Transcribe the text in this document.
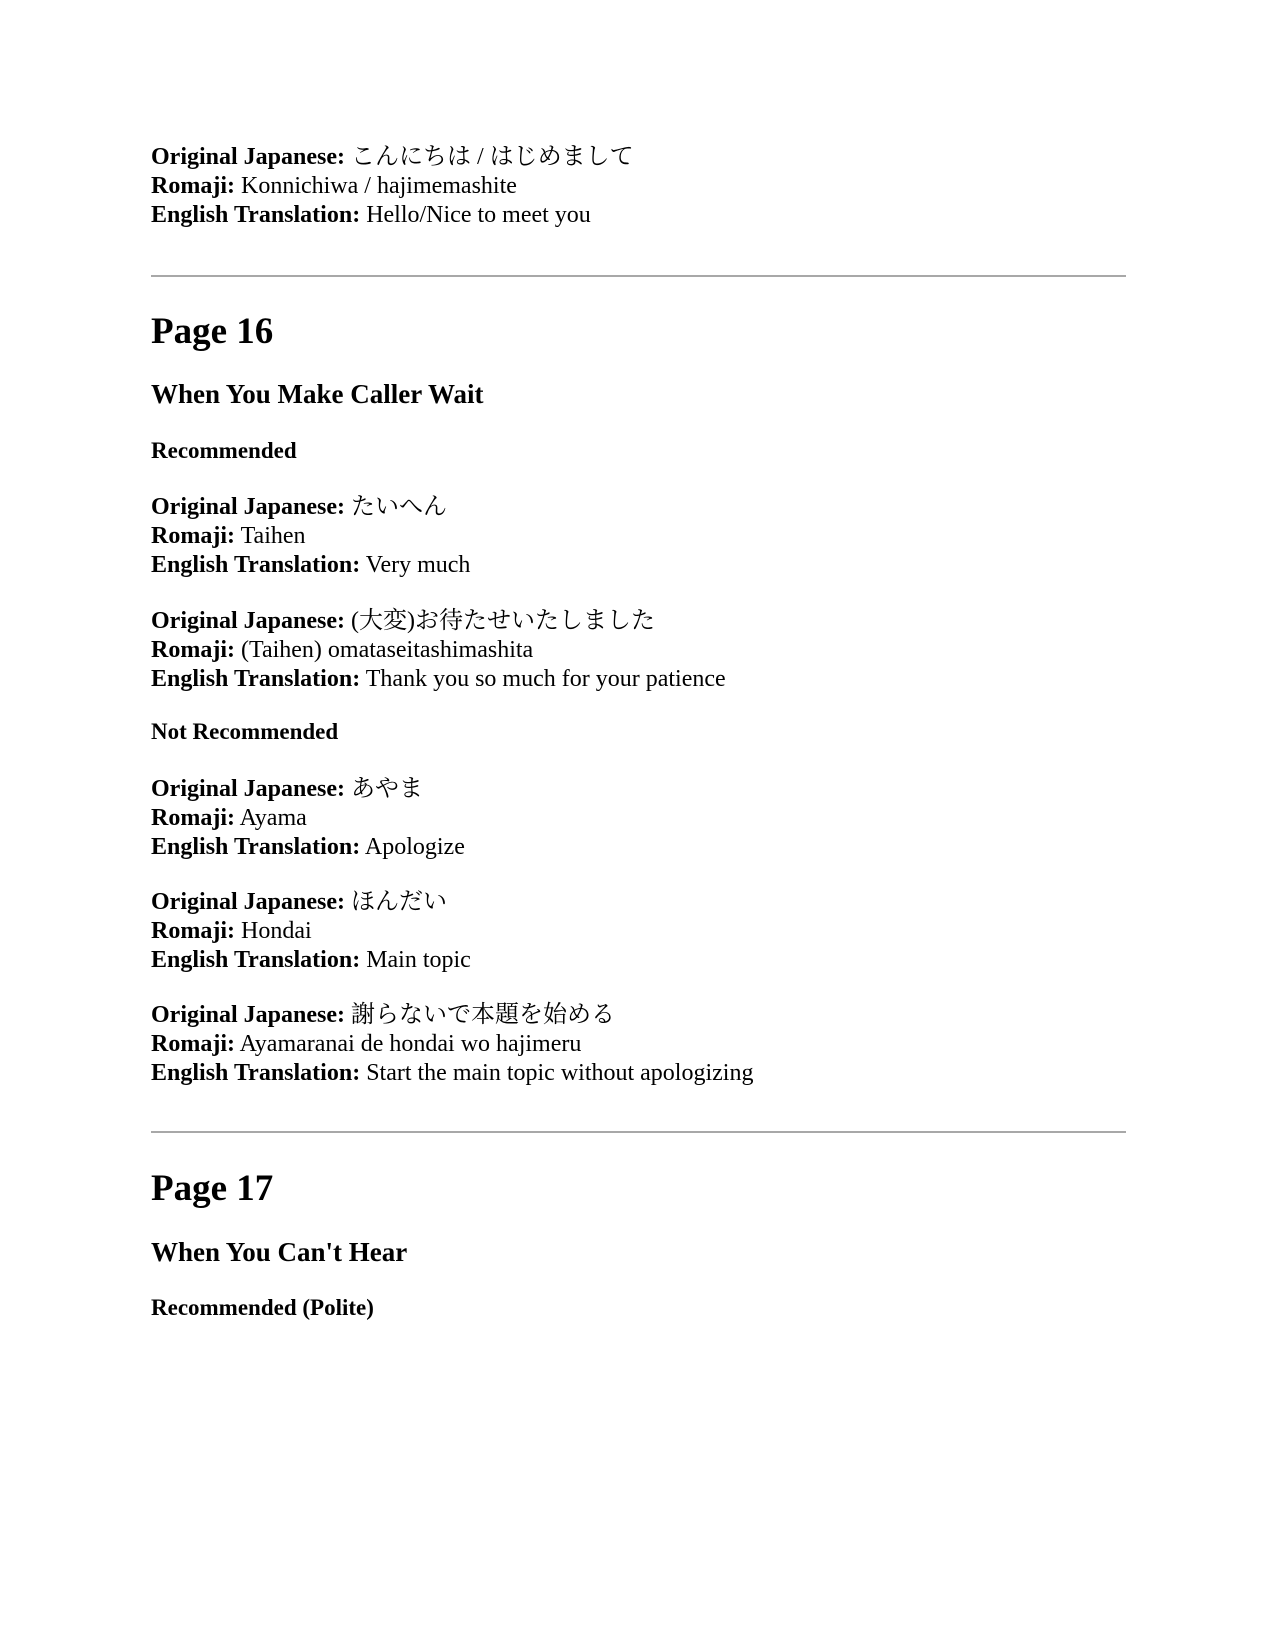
Original Japanese: こんにちは / はじめまして
Romaji: Konnichiwa / hajimemashite
English Translation: Hello/Nice to meet you
Page 16
When You Make Caller Wait
Recommended
Original Japanese: たいへん
Romaji: Taihen
English Translation: Very much
Original Japanese: (大変)お待たせいたしました
Romaji: (Taihen) omataseitashimashita
English Translation: Thank you so much for your patience
Not Recommended
Original Japanese: あやま
Romaji: Ayama
English Translation: Apologize
Original Japanese: ほんだい
Romaji: Hondai
English Translation: Main topic
Original Japanese: 謝らないで本題を始める
Romaji: Ayamaranai de hondai wo hajimeru
English Translation: Start the main topic without apologizing
Page 17
When You Can't Hear
Recommended (Polite)
